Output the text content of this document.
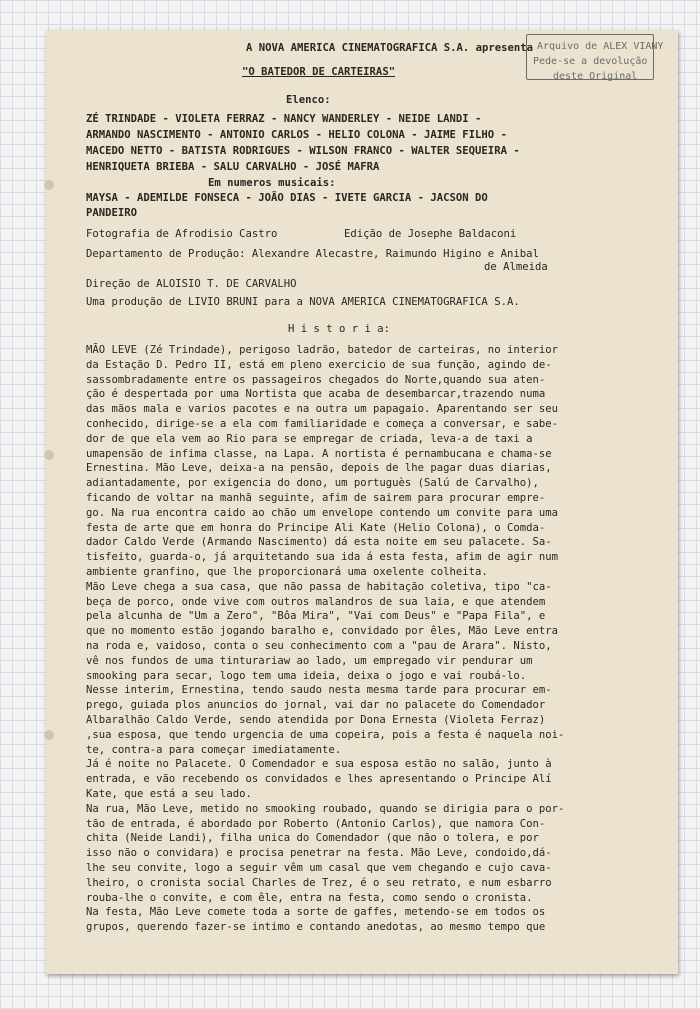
Arquivo de ALEX VIANY
Pede-se a devolução
deste Original
A NOVA AMERICA CINEMATOGRAFICA S.A. apresenta
"O BATEDOR DE CARTEIRAS"
Elenco:
ZÉ TRINDADE - VIOLETA FERRAZ - NANCY WANDERLEY - NEIDE LANDI -
ARMANDO NASCIMENTO - ANTONIO CARLOS - HELIO COLONA - JAIME FILHO -
MACEDO NETTO - BATISTA RODRIGUES - WILSON FRANCO - WALTER SEQUEIRA -
HENRIQUETA BRIEBA - SALU CARVALHO - JOSÉ MAFRA
Em numeros musicais:
MAYSA - ADEMILDE FONSECA - JOÃO DIAS - IVETE GARCIA - JACSON DO
PANDEIRO
Fotografia de Afrodisio Castro	Edição de Josephe Baldaconi
Departamento de Produção: Alexandre Alecastre, Raimundo Higino e Anibal
de Almeida
Direção de ALOISIO T. DE CARVALHO
Uma produção de LIVIO BRUNI para a NOVA AMERICA CINEMATOGRAFICA S.A.
H i s t o r i a:
MÃO LEVE (Zé Trindade), perigoso ladrão, batedor de carteiras, no interior
da Estação D. Pedro II, está em pleno exercicio de sua função, agindo de-
sassombradamente entre os passageiros chegados do Norte,quando sua aten-
ção é despertada por uma Nortista que acaba de desembarcar,trazendo numa
das mãos mala e varios pacotes e na outra um papagaio. Aparentando ser seu
conhecido, dirige-se a ela com familiaridade e começa a conversar, e sabe-
dor de que ela vem ao Rio para se empregar de criada, leva-a de taxi a
umapensão de infima classe, na Lapa. A nortista é pernambucana e chama-se
Ernestina. Mão Leve, deixa-a na pensão, depois de lhe pagar duas diarias,
adiantadamente, por exigencia do dono, um portuguès (Salú de Carvalho),
ficando de voltar na manhã seguinte, afim de sairem para procurar empre-
go. Na rua encontra caido ao chão um envelope contendo um convite para uma
festa de arte que em honra do Principe Ali Kate (Helio Colona), o Comda-
dador Caldo Verde (Armando Nascimento) dá esta noite em seu palacete. Sa-
tisfeito, guarda-o, já arquitetando sua ida á esta festa, afim de agir num
ambiente granfino, que lhe proporcionará uma oxelente colheita.
Mão Leve chega a sua casa, que não passa de habitação coletiva, tipo "ca-
beça de porco, onde vive com outros malandros de sua laia, e que atendem
pela alcunha de "Um a Zero", "Bôa Mira", "Vai com Deus" e "Papa Fila", e
que no momento estão jogando baralho e, convidado por êles, Mão Leve entra
na roda e, vaidoso, conta o seu conhecimento com a "pau de Arara". Nisto,
vê nos fundos de uma tinturariaw ao lado, um empregado vir pendurar um
smooking para secar, logo tem uma ideia, deixa o jogo e vai roubá-lo.
Nesse interim, Ernestina, tendo saudo nesta mesma tarde para procurar em-
prego, guiada plos anuncios do jornal, vai dar no palacete do Comendador
Albaralhão Caldo Verde, sendo atendida por Dona Ernesta (Violeta Ferraz)
,sua esposa, que tendo urgencia de uma copeira, pois a festa é naquela noi-
te, contra-a para começar imediatamente.
Já é noite no Palacete. O Comendador e sua esposa estão no salão, junto à
entrada, e vão recebendo os convidados e lhes apresentando o Principe Alí
Kate, que está a seu lado.
Na rua, Mão Leve, metido no smooking roubado, quando se dirigia para o por-
tão de entrada, é abordado por Roberto (Antonio Carlos), que namora Con-
chita (Neide Landi), filha unica do Comendador (que não o tolera, e por
isso não o convidara) e procisa penetrar na festa. Mão Leve, condoido,dá-
lhe seu convite, logo a seguir vêm um casal que vem chegando e cujo cava-
lheiro, o cronista social Charles de Trez, é o seu retrato, e num esbarro
rouba-lhe o convite, e com êle, entra na festa, como sendo o cronista.
Na festa, Mão Leve comete toda a sorte de gaffes, metendo-se em todos os
grupos, querendo fazer-se intimo e contando anedotas, ao mesmo tempo que
